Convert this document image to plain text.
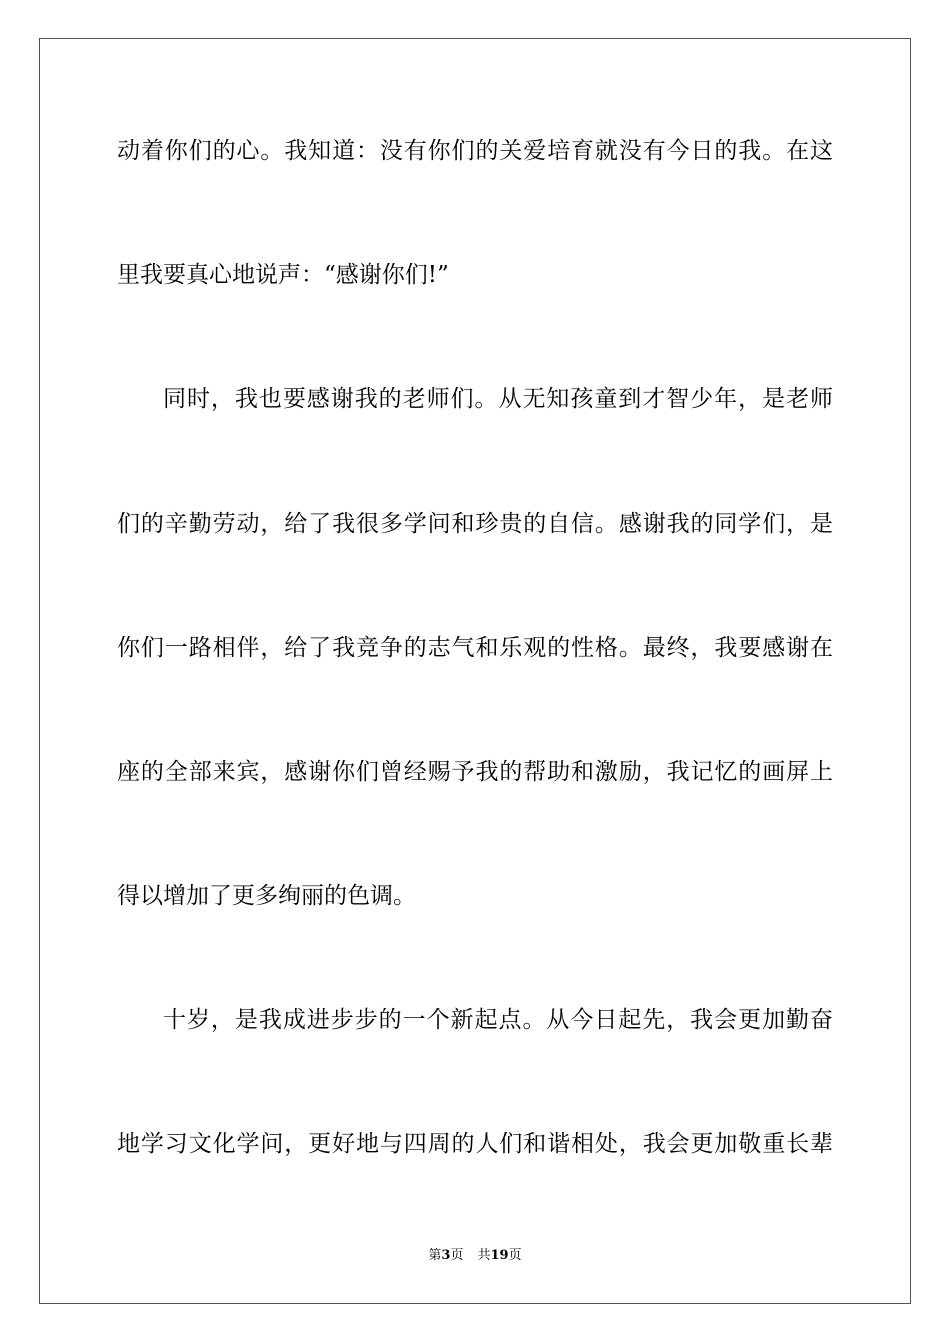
动着你们的心。我知道：没有你们的关爱培育就没有今日的我。在这
里我要真心地说声：“感谢你们!”
同时，我也要感谢我的老师们。从无知孩童到才智少年，是老师
们的辛勤劳动，给了我很多学问和珍贵的自信。感谢我的同学们，是
你们一路相伴，给了我竞争的志气和乐观的性格。最终，我要感谢在
座的全部来宾，感谢你们曾经赐予我的帮助和激励，我记忆的画屏上
得以增加了更多绚丽的色调。
十岁，是我成进步步的一个新起点。从今日起先，我会更加勤奋
地学习文化学问，更好地与四周的人们和谐相处，我会更加敬重长辈
第3页 共19页
